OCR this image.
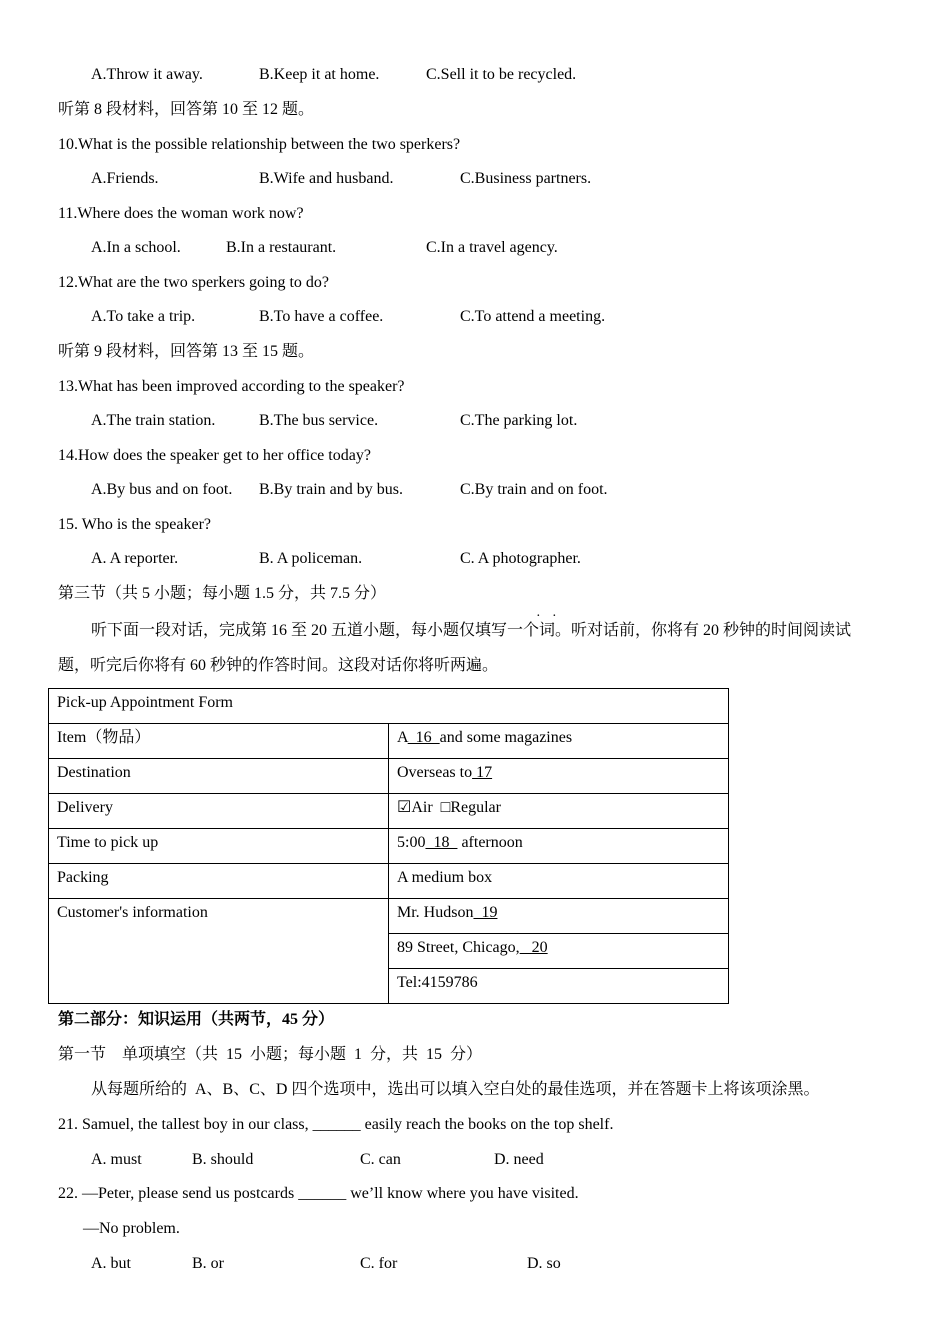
A.Throw it away.	B.Keep it at home.	C.Sell it to be recycled.
听第 8 段材料，回答第 10 至 12 题。
10.What is the possible relationship between the two sperkers?
A.Friends.	B.Wife and husband.	C.Business partners.
11.Where does the woman work now?
A.In a school.	B.In a restaurant.	C.In a travel agency.
12.What are the two sperkers going to do?
A.To take a trip.	B.To have a coffee.	C.To attend a meeting.
听第 9 段材料，回答第 13 至 15 题。
13.What has been improved according to the speaker?
A.The train station.	B.The bus service.	C.The parking lot.
14.How does the speaker get to her office today?
A.By bus and on foot. B.By train and by bus.	C.By train and on foot.
15. Who is the speaker?
A. A reporter.	B. A policeman.	C. A photographer.
第三节（共 5 小题；每小题 1.5 分，共 7.5 分）
· ·
听下面一段对话，完成第 16 至 20 五道小题，每小题仅填写一个词。听对话前，你将有 20 秒钟的时间阅读试
题，听完后你将有 60 秒钟的作答时间。这段对话你将听两遍。
Pick-up Appointment Form	
Item（物品）	A  16  and some magazines
Destination	Overseas to 17
Delivery	☑Air  □Regular
Time to pick up	5:00  18   afternoon
Packing	A medium box
Customer's information	Mr. Hudson  19
	89 Street, Chicago,   20
	Tel:4159786
第二部分：知识运用（共两节，45 分）
第一节　单项填空（共  15  小题；每小题  1  分，共  15  分）
从每题所给的  A、B、C、D 四个选项中，选出可以填入空白处的最佳选项，并在答题卡上将该项涂黑。
21. Samuel, the tallest boy in our class, ______ easily reach the books on the top shelf.
A. must	B. should	C. can	D. need
22. —Peter, please send us postcards ______ we’ll know where you have visited.
—No problem.
A. but	B. or	C. for	D. so
